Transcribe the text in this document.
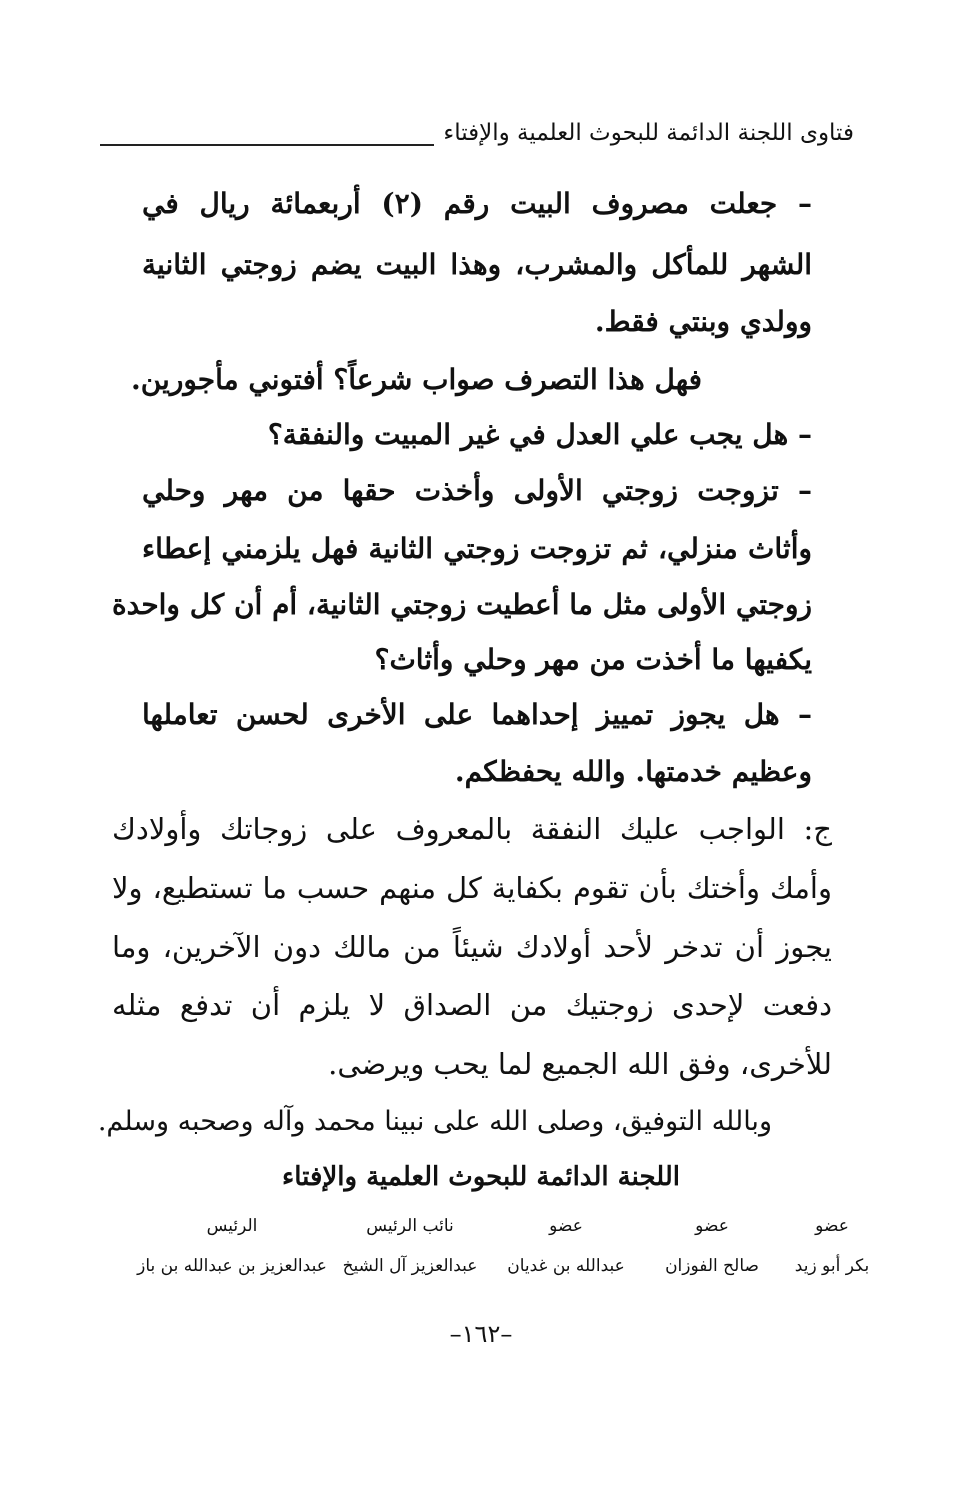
فتاوى اللجنة الدائمة للبحوث العلمية والإفتاء
– جعلت مصروف البيت رقم (٢) أربعمائة ريال في
الشهر للمأكل والمشرب، وهذا البيت يضم زوجتي الثانية
وولدي وبنتي فقط.
فهل هذا التصرف صواب شرعاً؟ أفتوني مأجورين.
– هل يجب علي العدل في غير المبيت والنفقة؟
– تزوجت زوجتي الأولى وأخذت حقها من مهر وحلي
وأثاث منزلي، ثم تزوجت زوجتي الثانية فهل يلزمني إعطاء
زوجتي الأولى مثل ما أعطيت زوجتي الثانية، أم أن كل واحدة
يكفيها ما أخذت من مهر وحلي وأثاث؟
– هل يجوز تمييز إحداهما على الأخرى لحسن تعاملها
وعظيم خدمتها. والله يحفظكم.
ج: الواجب عليك النفقة بالمعروف على زوجاتك وأولادك
وأمك وأختك بأن تقوم بكفاية كل منهم حسب ما تستطيع، ولا
يجوز أن تدخر لأحد أولادك شيئاً من مالك دون الآخرين، وما
دفعت لإحدى زوجتيك من الصداق لا يلزم أن تدفع مثله
للأخرى، وفق الله الجميع لما يحب ويرضى.
وبالله التوفيق، وصلى الله على نبينا محمد وآله وصحبه وسلم.
اللجنة الدائمة للبحوث العلمية والإفتاء
عضو
عضو
عضو
نائب الرئيس
الرئيس
بكر أبو زيد
صالح الفوزان
عبدالله بن غديان
عبدالعزيز آل الشيخ
عبدالعزيز بن عبدالله بن باز
–١٦٢–
